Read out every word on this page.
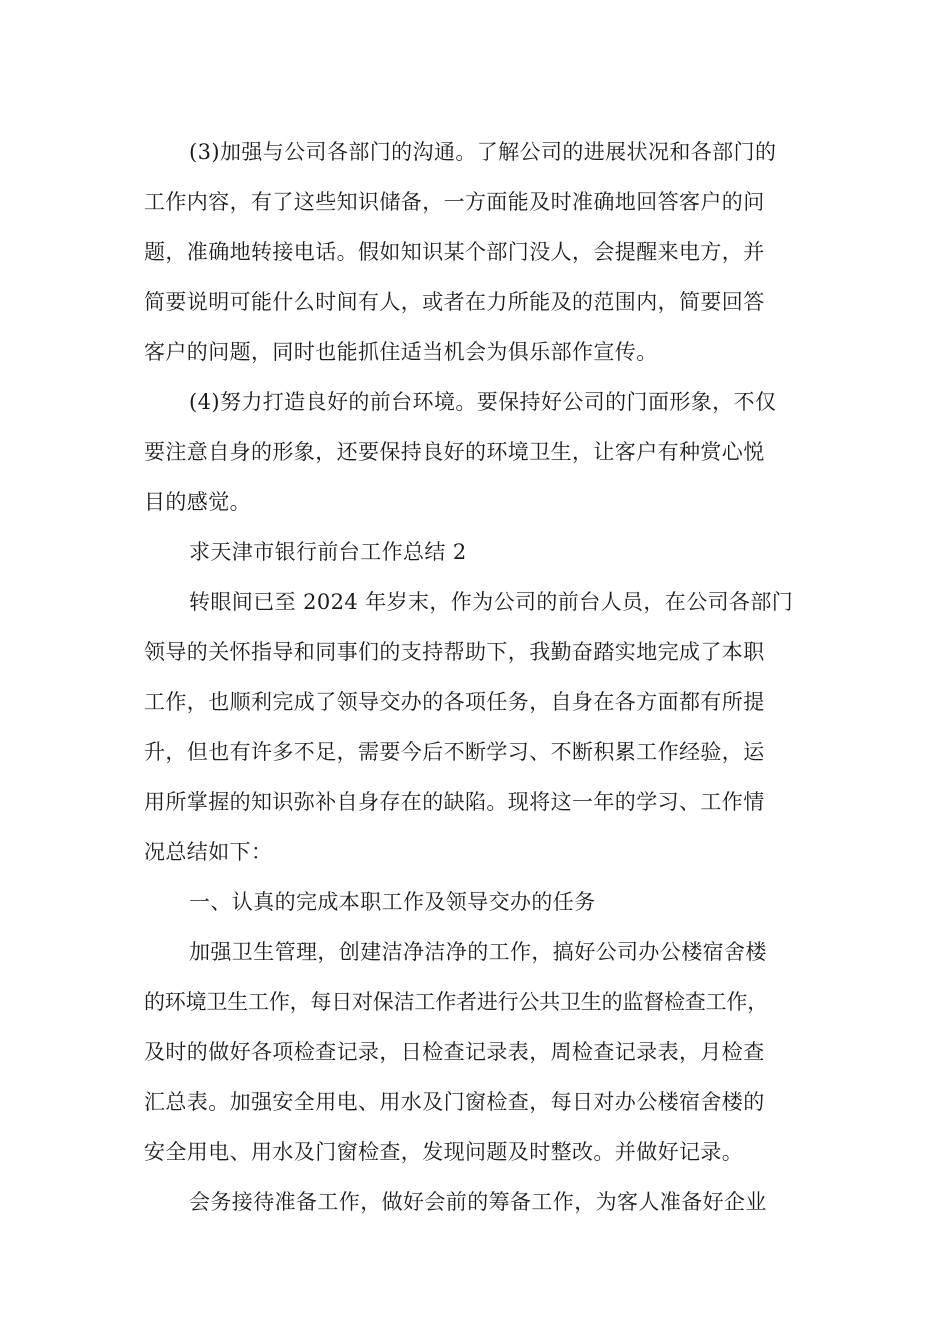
(3)加强与公司各部门的沟通。了解公司的进展状况和各部门的
工作内容，有了这些知识储备，一方面能及时准确地回答客户的问
题，准确地转接电话。假如知识某个部门没人，会提醒来电方，并
简要说明可能什么时间有人，或者在力所能及的范围内，简要回答
客户的问题，同时也能抓住适当机会为俱乐部作宣传。
(4)努力打造良好的前台环境。要保持好公司的门面形象，不仅
要注意自身的形象，还要保持良好的环境卫生，让客户有种赏心悦
目的感觉。
求天津市银行前台工作总结 2
转眼间已至 2024 年岁末，作为公司的前台人员，在公司各部门
领导的关怀指导和同事们的支持帮助下，我勤奋踏实地完成了本职
工作，也顺利完成了领导交办的各项任务，自身在各方面都有所提
升，但也有许多不足，需要今后不断学习、不断积累工作经验，运
用所掌握的知识弥补自身存在的缺陷。现将这一年的学习、工作情
况总结如下：
一、认真的完成本职工作及领导交办的任务
加强卫生管理，创建洁净洁净的工作，搞好公司办公楼宿舍楼
的环境卫生工作，每日对保洁工作者进行公共卫生的监督检查工作，
及时的做好各项检查记录，日检查记录表，周检查记录表，月检查
汇总表。加强安全用电、用水及门窗检查，每日对办公楼宿舍楼的
安全用电、用水及门窗检查，发现问题及时整改。并做好记录。
会务接待准备工作，做好会前的筹备工作，为客人准备好企业
